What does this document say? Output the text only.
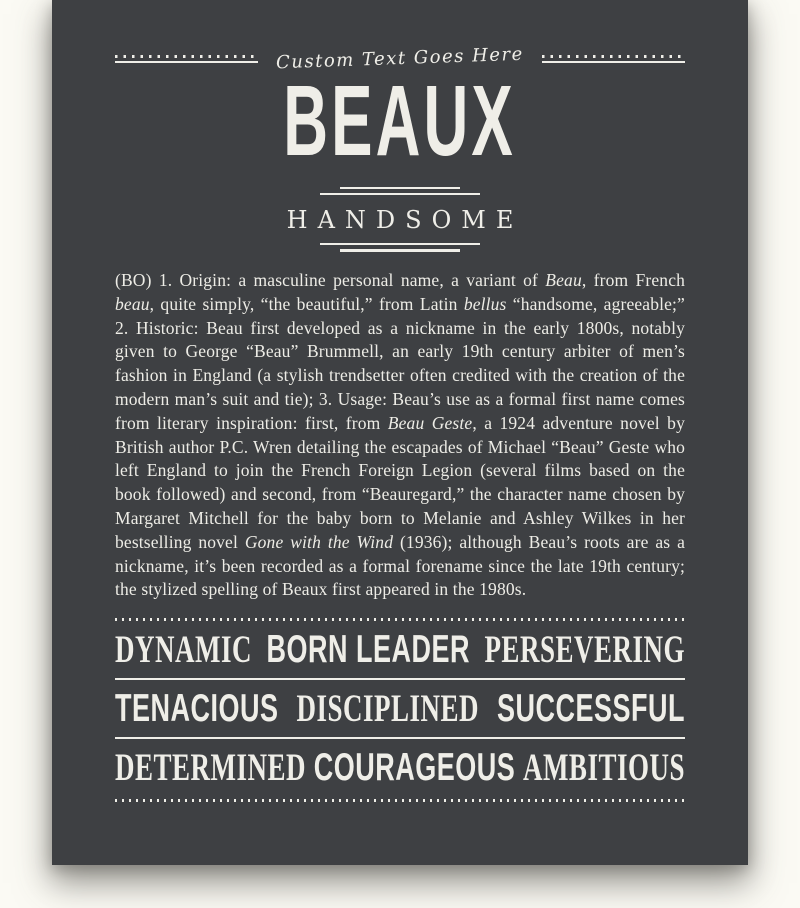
Custom Text Goes Here
BEAUX
HANDSOME
(BO) 1. Origin: a masculine personal name, a variant of Beau, from French beau, quite simply, “the beautiful,” from Latin bellus “handsome, agreeable;” 2. Historic: Beau first developed as a nickname in the early 1800s, notably given to George “Beau” Brummell, an early 19th century arbiter of men’s fashion in England (a stylish trendsetter often credited with the creation of the modern man’s suit and tie); 3. Usage: Beau’s use as a formal first name comes from literary inspiration: first, from Beau Geste, a 1924 adventure novel by British author P.C. Wren detailing the escapades of Michael “Beau” Geste who left England to join the French Foreign Legion (several films based on the book followed) and second, from “Beauregard,” the character name chosen by Margaret Mitchell for the baby born to Melanie and Ashley Wilkes in her bestselling novel Gone with the Wind (1936); although Beau’s roots are as a nickname, it’s been recorded as a formal forename since the late 19th century; the stylized spelling of Beaux first appeared in the 1980s.
DYNAMIC BORN LEADER PERSEVERING
TENACIOUS DISCIPLINED SUCCESSFUL
DETERMINED COURAGEOUS AMBITIOUS
